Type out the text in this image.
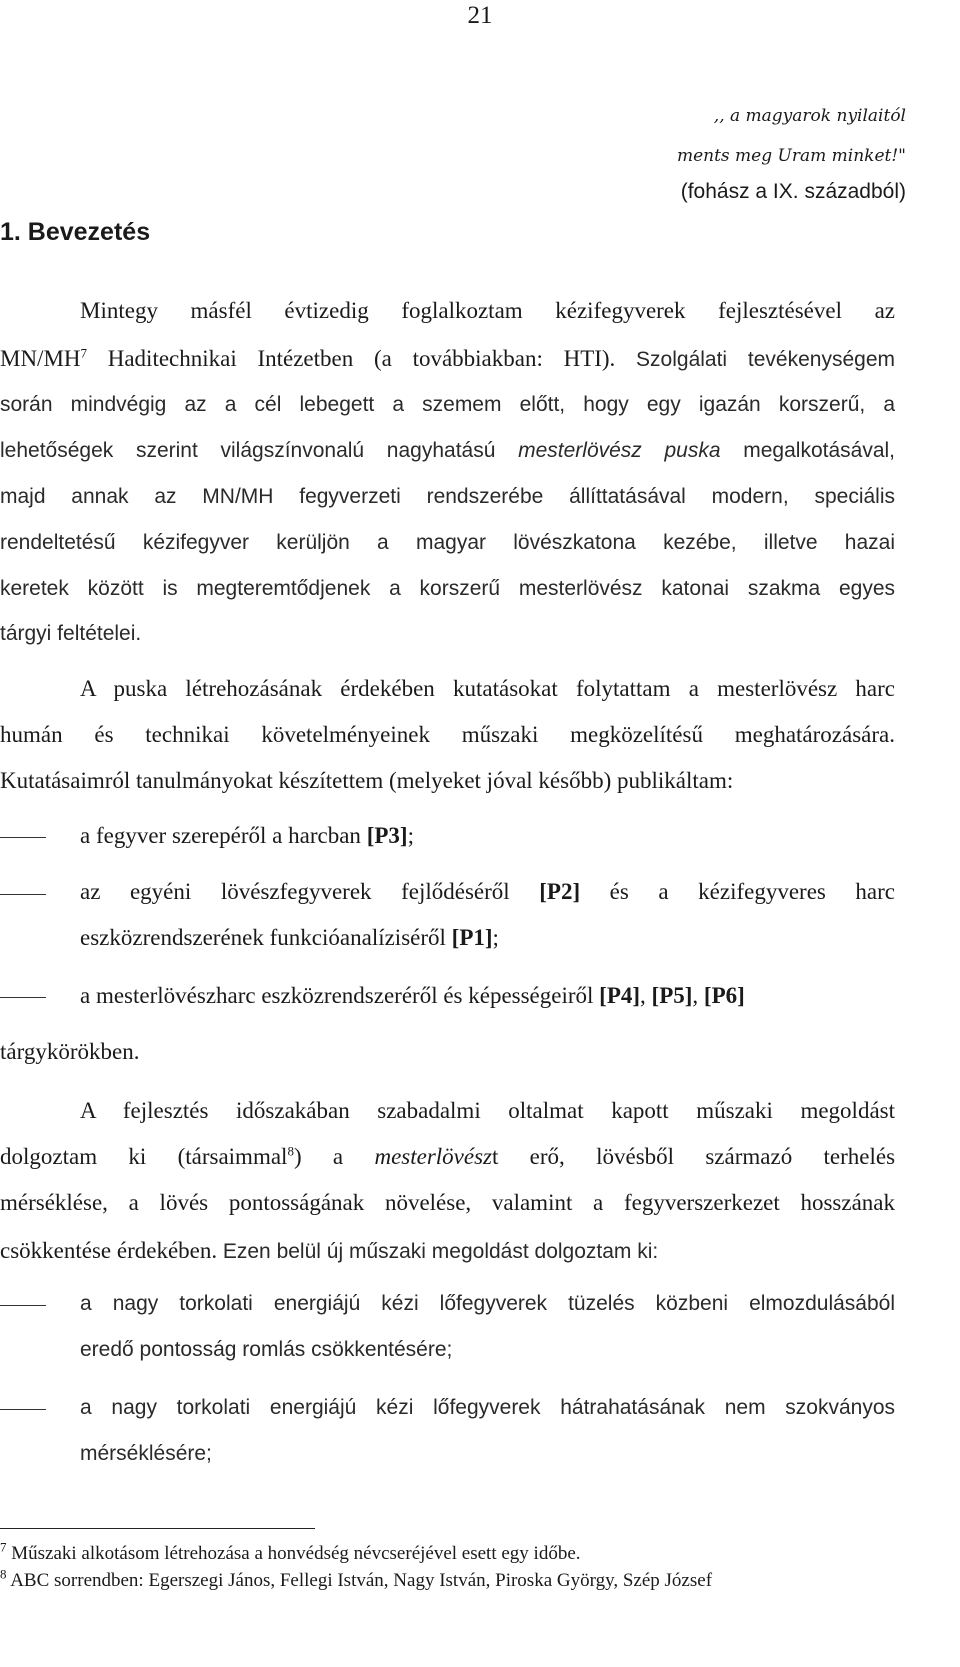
21
,, a magyarok nyilaitól
ments meg Uram minket!"
(fohász a IX. századból)
1. Bevezetés
Mintegy másfél évtizedig foglalkoztam kézifegyverek fejlesztésével az
$MN/MH^7$ Haditechnikai Intézetben (a továbbiakban: HTI). Szolgálati tevékenységem
során mindvégig az a cél lebegett a szemem előtt, hogy egy igazán korszerű, a
lehetőségek szerint világszínvonalú nagyhatású mesterlövész puska megalkotásával,
majd annak az MN/MH fegyverzeti rendszerébe állíttatásával modern, speciális
rendeltetésű kézifegyver kerüljön a magyar lövészkatona kezébe, illetve hazai
keretek között is megteremtődjenek a korszerű mesterlövész katonai szakma egyes
tárgyi feltételei.
A puska létrehozásának érdekében kutatásokat folytattam a mesterlövész harc
humán és technikai követelményeinek műszaki megközelítésű meghatározására.
Kutatásaimról tanulmányokat készítettem (melyeket jóval később) publikáltam:
a fegyver szerepéről a harcban [P3];
az egyéni lövészfegyverek fejlődéséről [P2] és a kézifegyveres harc
eszközrendszerének funkcióanalíziséről [P1];
a mesterlövészharc eszközrendszeréről és képességeiről [P4], [P5], [P6]
tárgykörökben.
A fejlesztés időszakában szabadalmi oltalmat kapott műszaki megoldást
dolgoztam ki (társaimmal$^8$) a mesterlövészt erő, lövésből származó terhelés
mérséklése, a lövés pontosságának növelése, valamint a fegyverszerkezet hosszának
csökkentése érdekében. Ezen belül új műszaki megoldást dolgoztam ki:
a nagy torkolati energiájú kézi lőfegyverek tüzelés közbeni elmozdulásából
eredő pontosság romlás csökkentésére;
a nagy torkolati energiájú kézi lőfegyverek hátrahatásának nem szokványos
mérséklésére;
$^7$ Műszaki alkotásom létrehozása a honvédség névcseréjével esett egy időbe.
$^8$ ABC sorrendben: Egerszegi János, Fellegi István, Nagy István, Piroska György, Szép József
